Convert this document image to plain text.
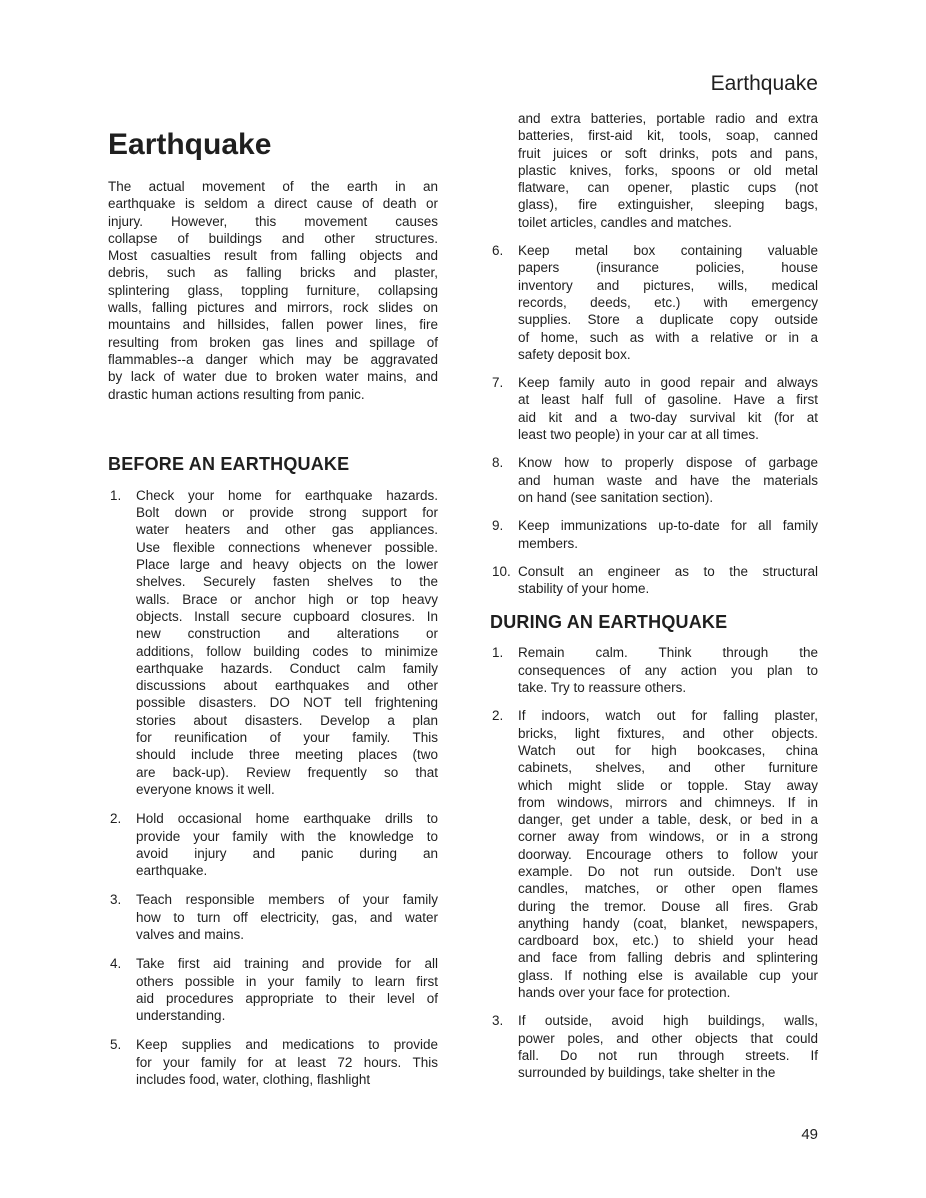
Earthquake
Earthquake
The actual movement of the earth in an
earthquake is seldom a direct cause of death or
injury. However, this movement causes
collapse of buildings and other structures.
Most casualties result from falling objects and
debris, such as falling bricks and plaster,
splintering glass, toppling furniture, collapsing
walls, falling pictures and mirrors, rock slides on
mountains and hillsides, fallen power lines, fire
resulting from broken gas lines and spillage of
flammables--a danger which may be aggravated
by lack of water due to broken water mains, and
drastic human actions resulting from panic.
BEFORE AN EARTHQUAKE
1.	Check your home for earthquake hazards.
Bolt down or provide strong support for
water heaters and other gas appliances.
Use flexible connections whenever possible.
Place large and heavy objects on the lower
shelves. Securely fasten shelves to the
walls. Brace or anchor high or top heavy
objects. Install secure cupboard closures. In
new construction and alterations or
additions, follow building codes to minimize
earthquake hazards. Conduct calm family
discussions about earthquakes and other
possible disasters. DO NOT tell frightening
stories about disasters. Develop a plan
for reunification of your family. This
should include three meeting places (two
are back-up). Review frequently so that
everyone knows it well.
2.	Hold occasional home earthquake drills to
provide your family with the knowledge to
avoid injury and panic during an
earthquake.
3.	Teach responsible members of your family
how to turn off electricity, gas, and water
valves and mains.
4.	Take first aid training and provide for all
others possible in your family to learn first
aid procedures appropriate to their level of
understanding.
5.	Keep supplies and medications to provide
for your family for at least 72 hours. This
includes food, water, clothing, flashlight
and extra batteries, portable radio and extra
batteries, first-aid kit, tools, soap, canned
fruit juices or soft drinks, pots and pans,
plastic knives, forks, spoons or old metal
flatware, can opener, plastic cups (not
glass), fire extinguisher, sleeping bags,
toilet articles, candles and matches.
6.	Keep metal box containing valuable
papers (insurance policies, house
inventory and pictures, wills, medical
records, deeds, etc.) with emergency
supplies. Store a duplicate copy outside
of home, such as with a relative or in a
safety deposit box.
7.	Keep family auto in good repair and always
at least half full of gasoline. Have a first
aid kit and a two-day survival kit (for at
least two people) in your car at all times.
8.	Know how to properly dispose of garbage
and human waste and have the materials
on hand (see sanitation section).
9.	Keep immunizations up-to-date for all family
members.
10. Consult an engineer as to the structural
stability of your home.
DURING AN EARTHQUAKE
1.	Remain calm. Think through the
consequences of any action you plan to
take. Try to reassure others.
2.	If indoors, watch out for falling plaster,
bricks, light fixtures, and other objects.
Watch out for high bookcases, china
cabinets, shelves, and other furniture
which might slide or topple. Stay away
from windows, mirrors and chimneys. If in
danger, get under a table, desk, or bed in a
corner away from windows, or in a strong
doorway. Encourage others to follow your
example. Do not run outside. Don't use
candles, matches, or other open flames
during the tremor. Douse all fires. Grab
anything handy (coat, blanket, newspapers,
cardboard box, etc.) to shield your head
and face from falling debris and splintering
glass. If nothing else is available cup your
hands over your face for protection.
3.	If outside, avoid high buildings, walls,
power poles, and other objects that could
fall. Do not run through streets. If
surrounded by buildings, take shelter in the
49
